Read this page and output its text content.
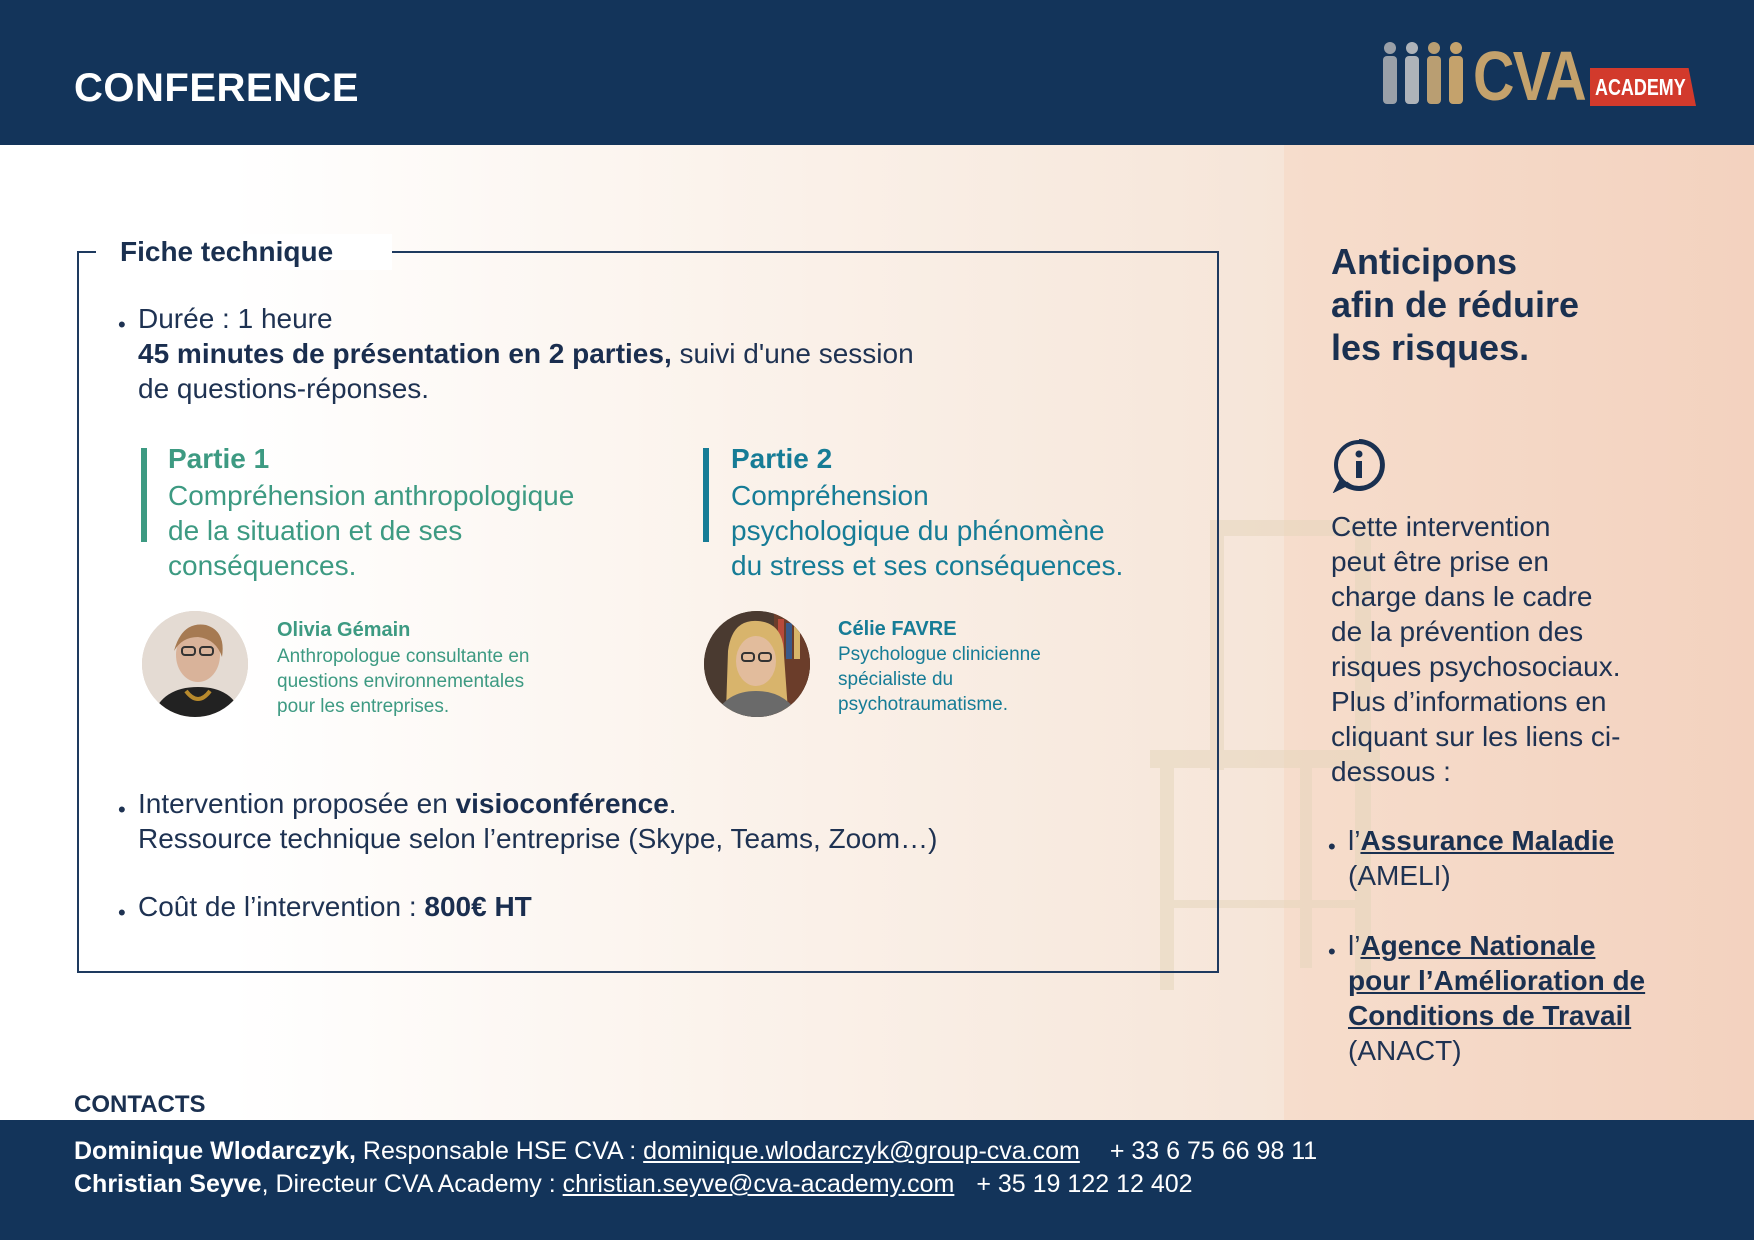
CONFERENCE	CVA ACADEMY
Fiche technique
• Durée : 1 heure
45 minutes de présentation en 2 parties, suivi d'une session
de questions-réponses.
Partie 1
Compréhension anthropologique
de la situation et de ses
conséquences.
Olivia Gémain
Anthropologue consultante en
questions environnementales
pour les entreprises.
Partie 2
Compréhension
psychologique du phénomène
du stress et ses conséquences.
Célie FAVRE
Psychologue clinicienne
spécialiste du
psychotraumatisme.
• Intervention proposée en visioconférence.
Ressource technique selon l’entreprise (Skype, Teams, Zoom…)
• Coût de l’intervention : 800€ HT
Anticipons
afin de réduire
les risques.
Cette intervention
peut être prise en
charge dans le cadre
de la prévention des
risques psychosociaux.
Plus d’informations en
cliquant sur les liens ci-
dessous :
• l’Assurance Maladie
(AMELI)
• l’Agence Nationale
pour l’Amélioration de
Conditions de Travail
(ANACT)
CONTACTS
Dominique Wlodarczyk, Responsable HSE CVA : dominique.wlodarczyk@group-cva.com + 33 6 75 66 98 11
Christian Seyve, Directeur CVA Academy : christian.seyve@cva-academy.com + 35 19 122 12 402
